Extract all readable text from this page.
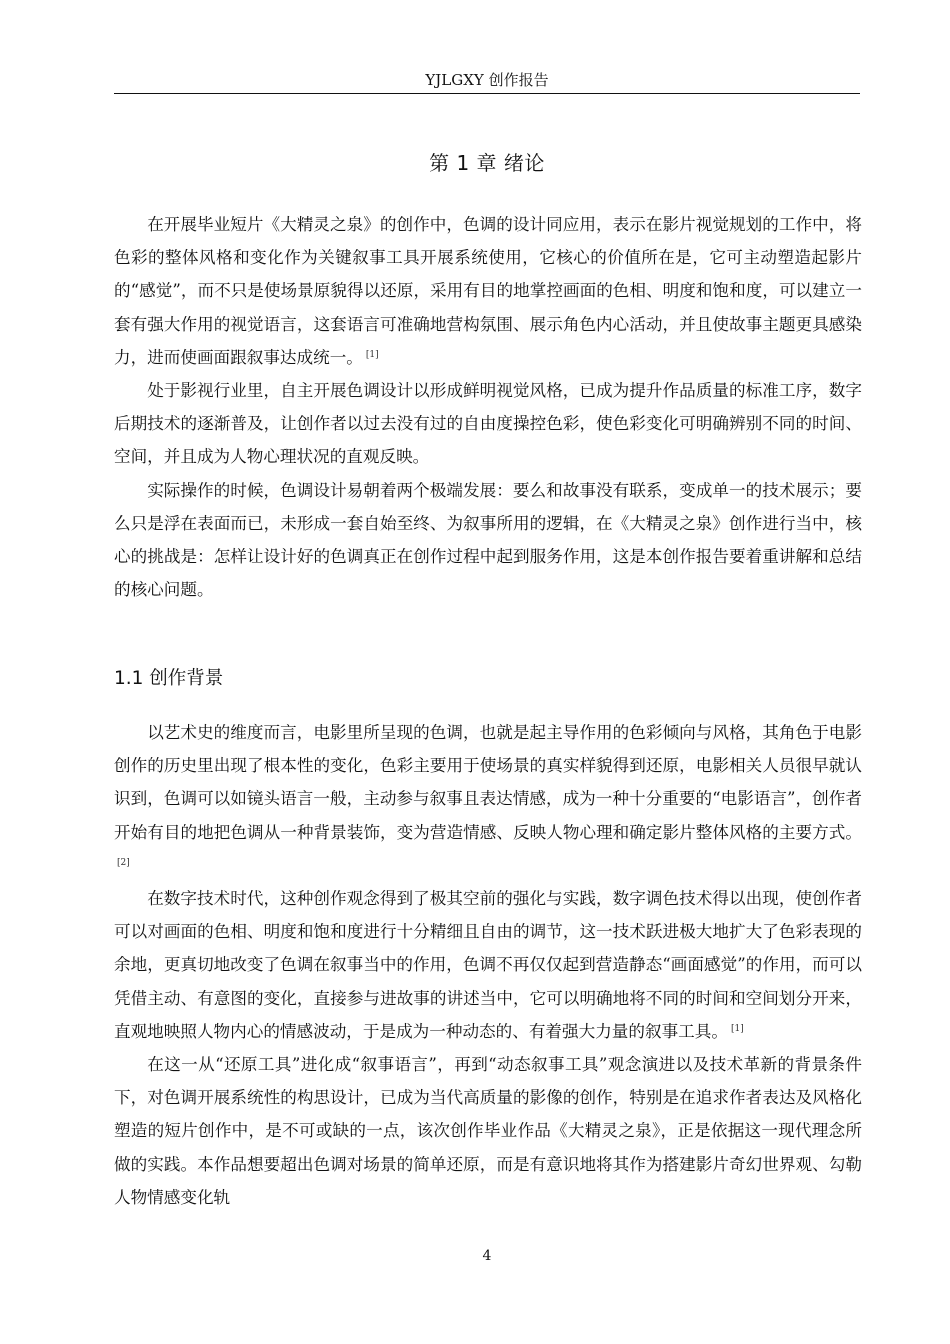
YJLGXY 创作报告
第 1 章 绪论

在开展毕业短片《大精灵之泉》的创作中，色调的设计同应用，表示在影片视觉规划的工作中，将色彩的整体风格和变化作为关键叙事工具开展系统使用，它核心的价值所在是，它可主动塑造起影片的“感觉”，而不只是使场景原貌得以还原，采用有目的地掌控画面的色相、明度和饱和度，可以建立一套有强大作用的视觉语言，这套语言可准确地营构氛围、展示角色内心活动，并且使故事主题更具感染力，进而使画面跟叙事达成统一。 [1]

处于影视行业里，自主开展色调设计以形成鲜明视觉风格，已成为提升作品质量的标准工序，数字后期技术的逐渐普及，让创作者以过去没有过的自由度操控色彩，使色彩变化可明确辨别不同的时间、空间，并且成为人物心理状况的直观反映。

实际操作的时候，色调设计易朝着两个极端发展：要么和故事没有联系，变成单一的技术展示；要么只是浮在表面而已，未形成一套自始至终、为叙事所用的逻辑，在《大精灵之泉》创作进行当中，核心的挑战是：怎样让设计好的色调真正在创作过程中起到服务作用，这是本创作报告要着重讲解和总结的核心问题。

1.1 创作背景

以艺术史的维度而言，电影里所呈现的色调，也就是起主导作用的色彩倾向与风格，其角色于电影创作的历史里出现了根本性的变化，色彩主要用于使场景的真实样貌得到还原，电影相关人员很早就认识到，色调可以如镜头语言一般，主动参与叙事且表达情感，成为一种十分重要的“电影语言”，创作者开始有目的地把色调从一种背景装饰，变为营造情感、反映人物心理和确定影片整体风格的主要方式。[2]

在数字技术时代，这种创作观念得到了极其空前的强化与实践，数字调色技术得以出现，使创作者可以对画面的色相、明度和饱和度进行十分精细且自由的调节，这一技术跃进极大地扩大了色彩表现的余地，更真切地改变了色调在叙事当中的作用，色调不再仅仅起到营造静态“画面感觉”的作用，而可以凭借主动、有意图的变化，直接参与进故事的讲述当中，它可以明确地将不同的时间和空间划分开来，直观地映照人物内心的情感波动，于是成为一种动态的、有着强大力量的叙事工具。 [1]

在这一从“还原工具”进化成“叙事语言”，再到“动态叙事工具”观念演进以及技术革新的背景条件下，对色调开展系统性的构思设计，已成为当代高质量的影像的创作，特别是在追求作者表达及风格化塑造的短片创作中，是不可或缺的一点，该次创作毕业作品《大精灵之泉》，正是依据这一现代理念所做的实践。本作品想要超出色调对场景的简单还原，而是有意识地将其作为搭建影片奇幻世界观、勾勒人物情感变化轨

4
